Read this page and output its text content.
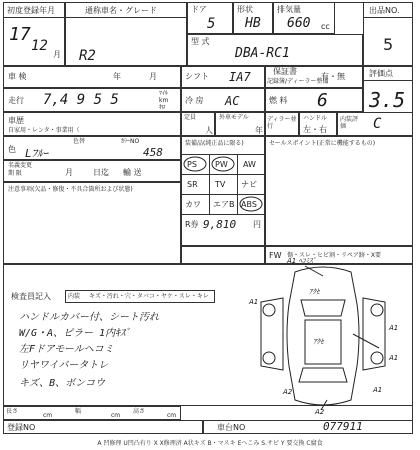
初度登録年月
17
12
月
通称車名・グレード
R2
ドア
5
形状
HB
排気量
660 cc
型 式
DBA-RC1
出品NO.
5
車 検	年	月	シフト IA7	保証書
記録簿/ディーラー整備
有・無	評価点
3.5
走行 7,4 9 5 5	ﾏｲﾙ
km
ｷﾛ
冷 房 AC	燃 料 6
車歴
自家用・レンタ・事業用（
定員
人
外車モデル
年
ディラー並行
ハンドル
左・右
内装評価	C
色
色替	ｶﾗｰNO
Lﾌﾙｰ	458
名義変更
期 限	月	日迄 輸 送
注意事項(欠品・修復・不具合箇所および状態)
装備品(純正品に限る)
PS PW AW
SR TV ナビ
カワ エアB ABS
R券 9,810 円
セールスポイント(正常に機能するもの)
FW 傷・スレ・ヒビ割・リペア跡・X要
検査員記入	内装 キズ・汚れ・穴・タバコ・ヤケ・スレ・キレ
ハンドルカバー付、シート汚れ
W/G・A、ピラー 1内ｷｽﾞ
左Fドアモールヘコミ
リヤワイパータトレ
キズ、B、ボンコウ
A1 ﾍｺﾐｽﾞ
A1
A1
A1
A1
A2
A2
ｱｸｾ
ｱｸｾ
長さ
cm
幅
cm
高さ
cm
登録NO	車台NO	077911
A 凹修理 U凹凸有り X X修理済 A状キズ B・マスキ Eへこみ S.サビ Y 要交換 C腐食
